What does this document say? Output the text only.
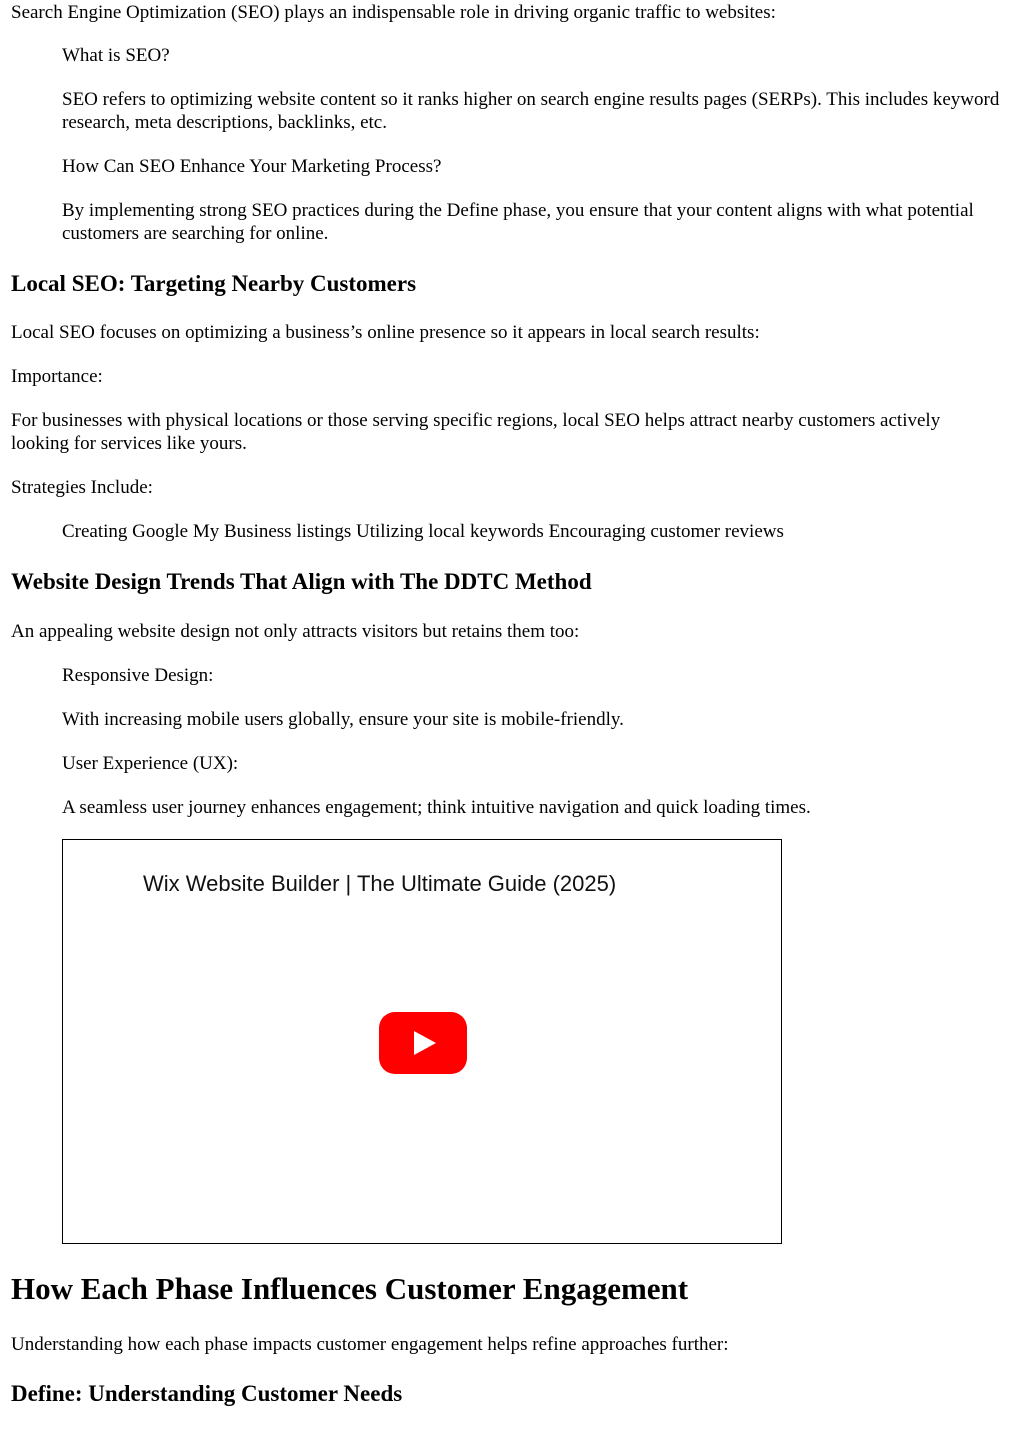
Search Engine Optimization (SEO) plays an indispensable role in driving organic traffic to websites:

What is SEO?

SEO refers to optimizing website content so it ranks higher on search engine results pages (SERPs). This includes keyword research, meta descriptions, backlinks, etc.

How Can SEO Enhance Your Marketing Process?

By implementing strong SEO practices during the Define phase, you ensure that your content aligns with what potential customers are searching for online.

Local SEO: Targeting Nearby Customers

Local SEO focuses on optimizing a business’s online presence so it appears in local search results:

Importance:

For businesses with physical locations or those serving specific regions, local SEO helps attract nearby customers actively looking for services like yours.

Strategies Include:

Creating Google My Business listings Utilizing local keywords Encouraging customer reviews

Website Design Trends That Align with The DDTC Method

An appealing website design not only attracts visitors but retains them too:

Responsive Design:

With increasing mobile users globally, ensure your site is mobile-friendly.

User Experience (UX):

A seamless user journey enhances engagement; think intuitive navigation and quick loading times.

Wix Website Builder | The Ultimate Guide (2025)
How Each Phase Influences Customer Engagement

Understanding how each phase impacts customer engagement helps refine approaches further:

Define: Understanding Customer Needs
